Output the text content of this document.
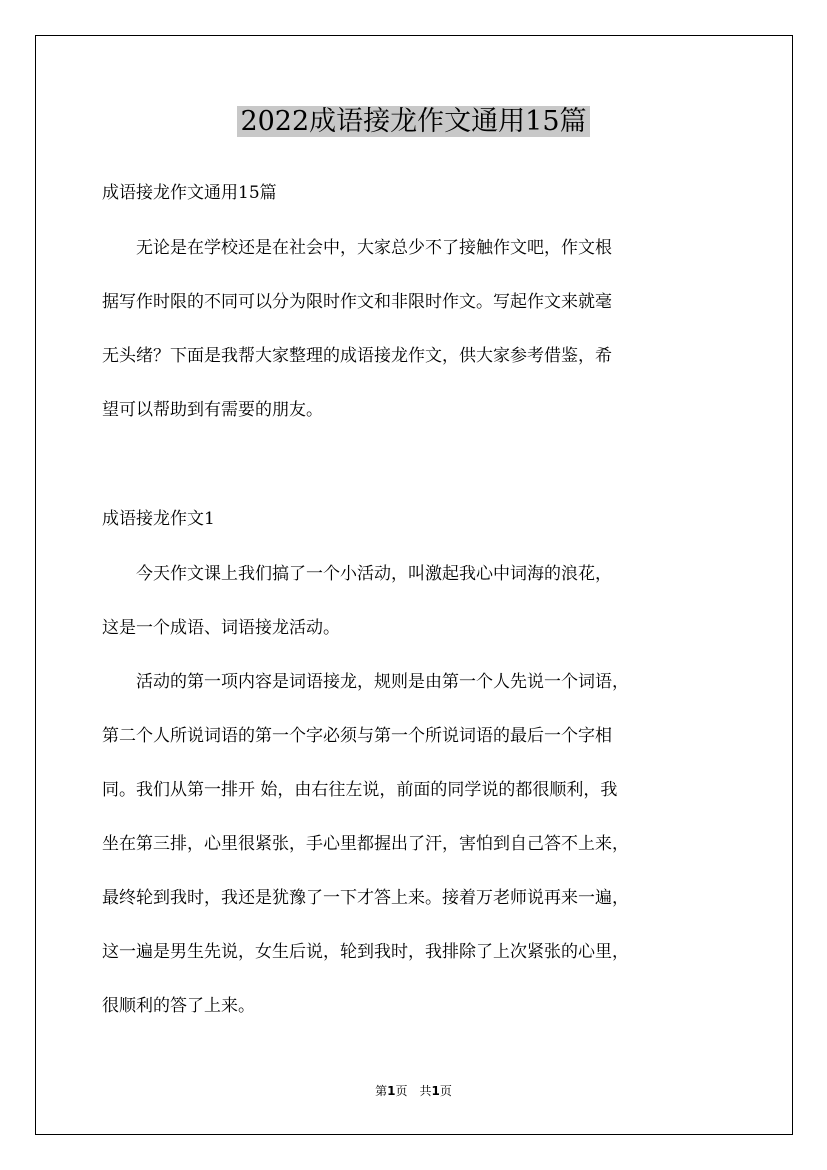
2022成语接龙作文通用15篇
成语接龙作文通用15篇
　　无论是在学校还是在社会中，大家总少不了接触作文吧，作文根
据写作时限的不同可以分为限时作文和非限时作文。写起作文来就毫
无头绪？下面是我帮大家整理的成语接龙作文，供大家参考借鉴，希
望可以帮助到有需要的朋友。
成语接龙作文1
　　今天作文课上我们搞了一个小活动，叫激起我心中词海的浪花，
这是一个成语、词语接龙活动。
　　活动的第一项内容是词语接龙，规则是由第一个人先说一个词语，
第二个人所说词语的第一个字必须与第一个所说词语的最后一个字相
同。我们从第一排开 始，由右往左说，前面的同学说的都很顺利，我
坐在第三排，心里很紧张，手心里都握出了汗，害怕到自己答不上来，
最终轮到我时，我还是犹豫了一下才答上来。接着万老师说再来一遍，
这一遍是男生先说，女生后说，轮到我时，我排除了上次紧张的心里，
很顺利的答了上来。
第1页　共1页
